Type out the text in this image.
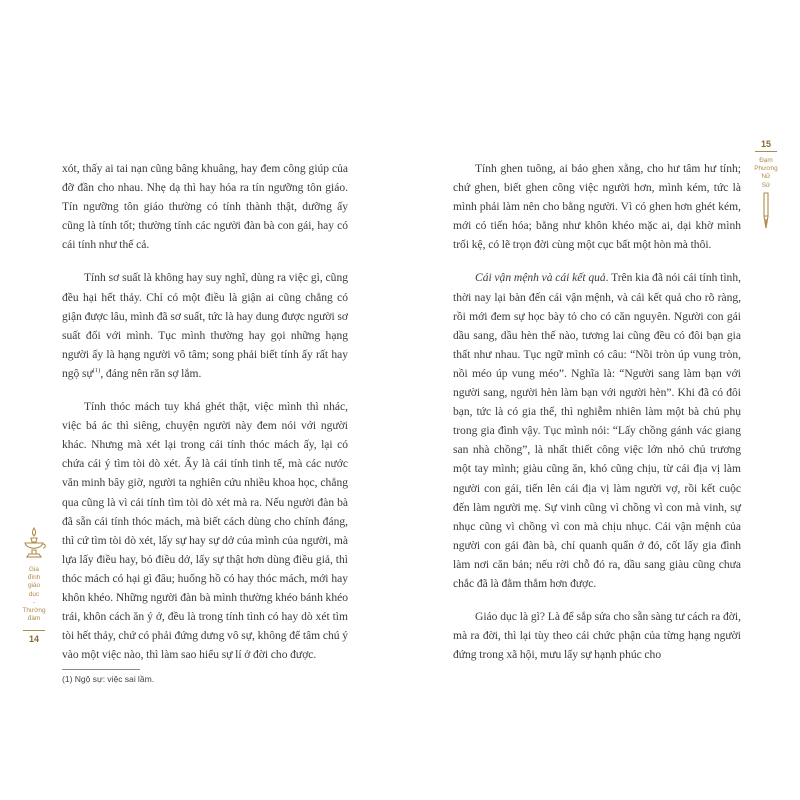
xót, thấy ai tai nạn cũng bâng khuâng, hay đem công giúp của đỡ đần cho nhau. Nhẹ dạ thì hay hóa ra tín ngưỡng tôn giáo. Tín ngưỡng tôn giáo thường có tính thành thật, dưỡng ấy cũng là tính tốt; thường tính các người đàn bà con gái, hay có cái tính như thế cả.

Tính sơ suất là không hay suy nghĩ, dùng ra việc gì, cũng đều hại hết thảy. Chỉ có một điều là giận ai cũng chẳng có giận được lâu, mình đã sơ suất, tức là hay dung được người sơ suất đối với mình. Tục mình thường hay gọi những hạng người ấy là hạng người vô tâm; song phải biết tính ấy rất hay ngộ sự$^{(1)}$, đáng nên răn sợ lắm.

Tính thóc mách tuy khá ghét thật, việc mình thì nhác, việc bá ác thì siêng, chuyện người này đem nói với người khác. Nhưng mà xét lại trong cái tính thóc mách ấy, lại có chứa cái ý tìm tòi dò xét. Ấy là cái tính tinh tế, mà các nước văn minh bây giờ, người ta nghiên cứu nhiều khoa học, chẳng qua cũng là vì cái tính tìm tòi dò xét mà ra. Nếu người đàn bà đã sẵn cái tính thóc mách, mà biết cách dùng cho chính đáng, thì cứ tìm tòi dò xét, lấy sự hay sự dở của mình của người, mà lựa lấy điều hay, bỏ điều dở, lấy sự thật hơn dùng điều giả, thì thóc mách có hại gì đâu; huống hồ có hay thóc mách, mới hay khôn khéo. Những người đàn bà mình thường khéo bánh khéo trái, khôn cách ăn ý ở, đều là trong tính tình có hay dò xét tìm tòi hết thảy, chứ có phải đứng dưng vô sự, không để tâm chú ý vào một việc nào, thì làm sao hiểu sự lí ở đời cho được.

(1) Ngộ sự: việc sai lầm.
Gia
đình
giáo
dục
-
Thường
đàm
14

Tính ghen tuông, ai bảo ghen xằng, cho hư tâm hư tính; chứ ghen, biết ghen công việc người hơn, mình kém, tức là mình phải làm nên cho bằng người. Vì có ghen hơn ghét kém, mới có tiến hóa; bằng như khôn khéo mặc ai, dại khờ mình trối kệ, có lẽ trọn đời cùng một cục bất một hòn mà thôi.

Cái vận mệnh và cái kết quả. Trên kia đã nói cái tính tình, thời nay lại bàn đến cái vận mệnh, và cái kết quả cho rõ ràng, rồi mới đem sự học bày tỏ cho có căn nguyên. Người con gái dầu sang, dầu hèn thế nào, tương lai cũng đều có đôi bạn gia thất như nhau. Tục ngữ mình có câu: “Nồi tròn úp vung tròn, nồi méo úp vung méo”. Nghĩa là: “Người sang làm bạn với người sang, người hèn làm bạn với người hèn”. Khi đã có đôi bạn, tức là có gia thế, thì nghiễm nhiên làm một bà chủ phụ trong gia đình vậy. Tục mình nói: “Lấy chồng gánh vác giang san nhà chồng”, là nhất thiết công việc lớn nhỏ chủ trương một tay mình; giàu cũng ăn, khó cũng chịu, từ cái địa vị làm người con gái, tiến lên cái địa vị làm người vợ, rồi kết cuộc đến làm người mẹ. Sự vinh cũng vì chồng vì con mà vinh, sự nhục cũng vì chồng vì con mà chịu nhục. Cái vận mệnh của người con gái đàn bà, chỉ quanh quẩn ở đó, cốt lấy gia đình làm nơi căn bản; nếu rời chỗ đó ra, dầu sang giàu cũng chưa chắc đã là đằm thắm hơn được.

Giáo dục là gì? Là để sắp sửa cho sẵn sàng tư cách ra đời, mà ra đời, thì lại tùy theo cái chức phận của từng hạng người đứng trong xã hội, mưu lấy sự hạnh phúc cho

15
Đạm
Phương
Nữ
Sử
